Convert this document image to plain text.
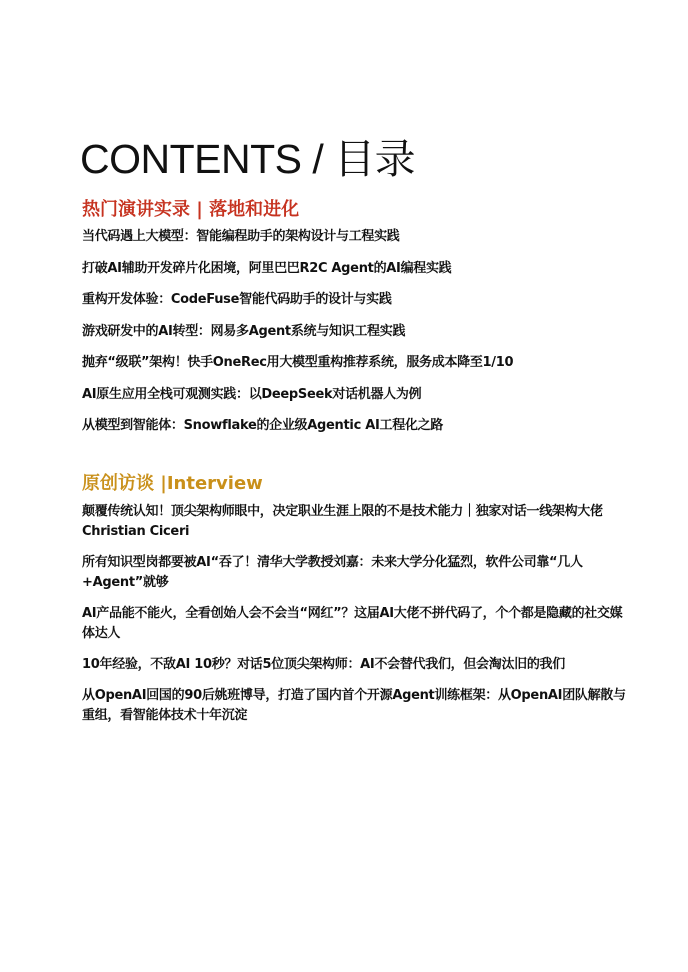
CONTENTS / 目录
热门演讲实录 | 落地和进化
当代码遇上大模型：智能编程助手的架构设计与工程实践
打破AI辅助开发碎片化困境，阿里巴巴R2C Agent的AI编程实践
重构开发体验：CodeFuse智能代码助手的设计与实践
游戏研发中的AI转型：网易多Agent系统与知识工程实践
抛弃“级联”架构！快手OneRec用大模型重构推荐系统，服务成本降至1/10
AI原生应用全栈可观测实践：以DeepSeek对话机器人为例
从模型到智能体：Snowflake的企业级Agentic AI工程化之路
原创访谈 |Interview
颠覆传统认知！顶尖架构师眼中，决定职业生涯上限的不是技术能力｜独家对话一线架构大佬Christian Ciceri
所有知识型岗都要被AI“吞了！清华大学教授刘嘉：未来大学分化猛烈，软件公司靠“几人+Agent”就够
AI产品能不能火，全看创始人会不会当“网红”？这届AI大佬不拼代码了，个个都是隐藏的社交媒体达人
10年经验，不敌AI 10秒？对话5位顶尖架构师：AI不会替代我们，但会淘汰旧的我们
从OpenAI回国的90后姚班博导，打造了国内首个开源Agent训练框架：从OpenAI团队解散与重组，看智能体技术十年沉淀
